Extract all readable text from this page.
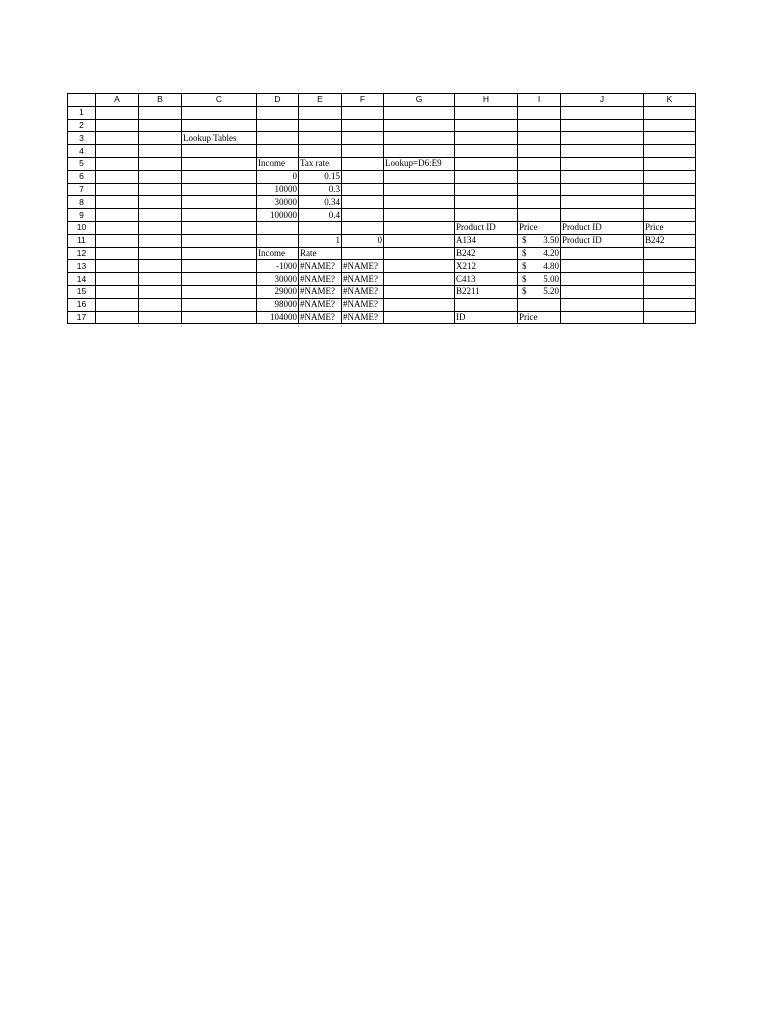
	A	B	C	D	E	F	G	H	I	J	K
1											
2											
3			Lookup Tables								
4											
5				Income	Tax rate		Lookup=D6:E9				
6				0	0.15						
7				10000	0.3						
8				30000	0.34						
9				100000	0.4						
10								Product ID	Price	Product ID	Price
11					1	0		A134	$ 3.50	Product ID	B242
12				Income	Rate			B242	$ 4.20		

13				-1000	#NAME?	#NAME?		X212	$ 4.80		

14				30000	#NAME?	#NAME?		C413	$ 5.00		

15				29000	#NAME?	#NAME?		B2211	$ 5.20		

16				98000	#NAME?	#NAME?					
17				104000	#NAME?	#NAME?		ID	Price		
